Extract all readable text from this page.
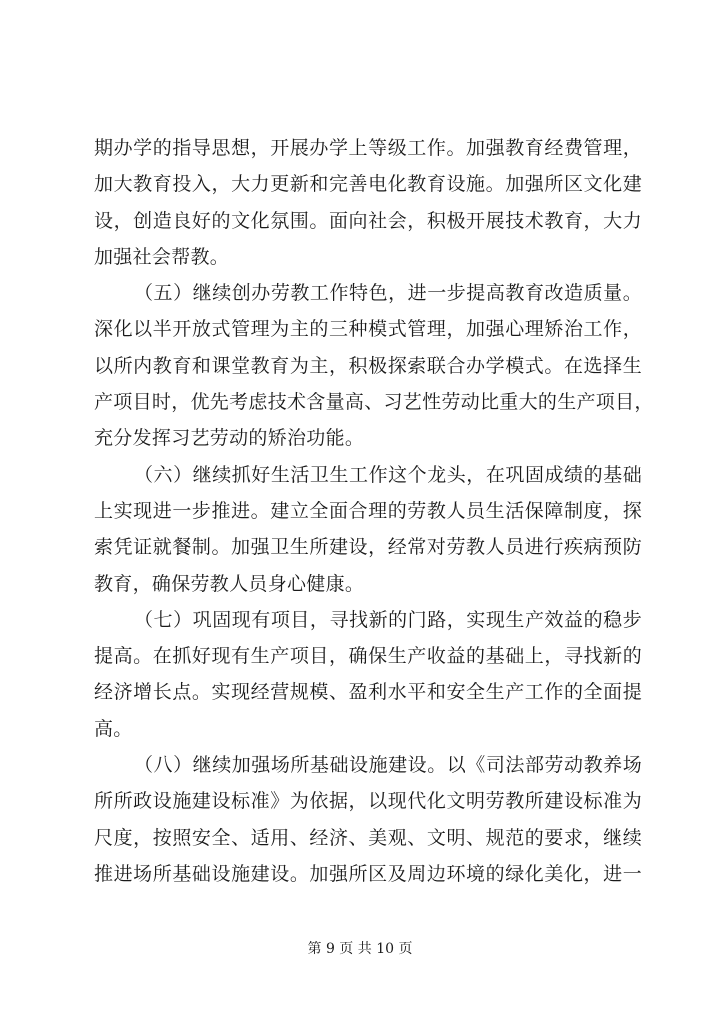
期办学的指导思想，开展办学上等级工作。加强教育经费管理，
加大教育投入，大力更新和完善电化教育设施。加强所区文化建
设，创造良好的文化氛围。面向社会，积极开展技术教育，大力
加强社会帮教。
（五）继续创办劳教工作特色，进一步提高教育改造质量。
深化以半开放式管理为主的三种模式管理，加强心理矫治工作，
以所内教育和课堂教育为主，积极探索联合办学模式。在选择生
产项目时，优先考虑技术含量高、习艺性劳动比重大的生产项目，
充分发挥习艺劳动的矫治功能。
（六）继续抓好生活卫生工作这个龙头，在巩固成绩的基础
上实现进一步推进。建立全面合理的劳教人员生活保障制度，探
索凭证就餐制。加强卫生所建设，经常对劳教人员进行疾病预防
教育，确保劳教人员身心健康。
（七）巩固现有项目，寻找新的门路，实现生产效益的稳步
提高。在抓好现有生产项目，确保生产收益的基础上，寻找新的
经济增长点。实现经营规模、盈利水平和安全生产工作的全面提
高。
（八）继续加强场所基础设施建设。以《司法部劳动教养场
所所政设施建设标准》为依据，以现代化文明劳教所建设标准为
尺度，按照安全、适用、经济、美观、文明、规范的要求，继续
推进场所基础设施建设。加强所区及周边环境的绿化美化，进一
第 9 页 共 10 页
